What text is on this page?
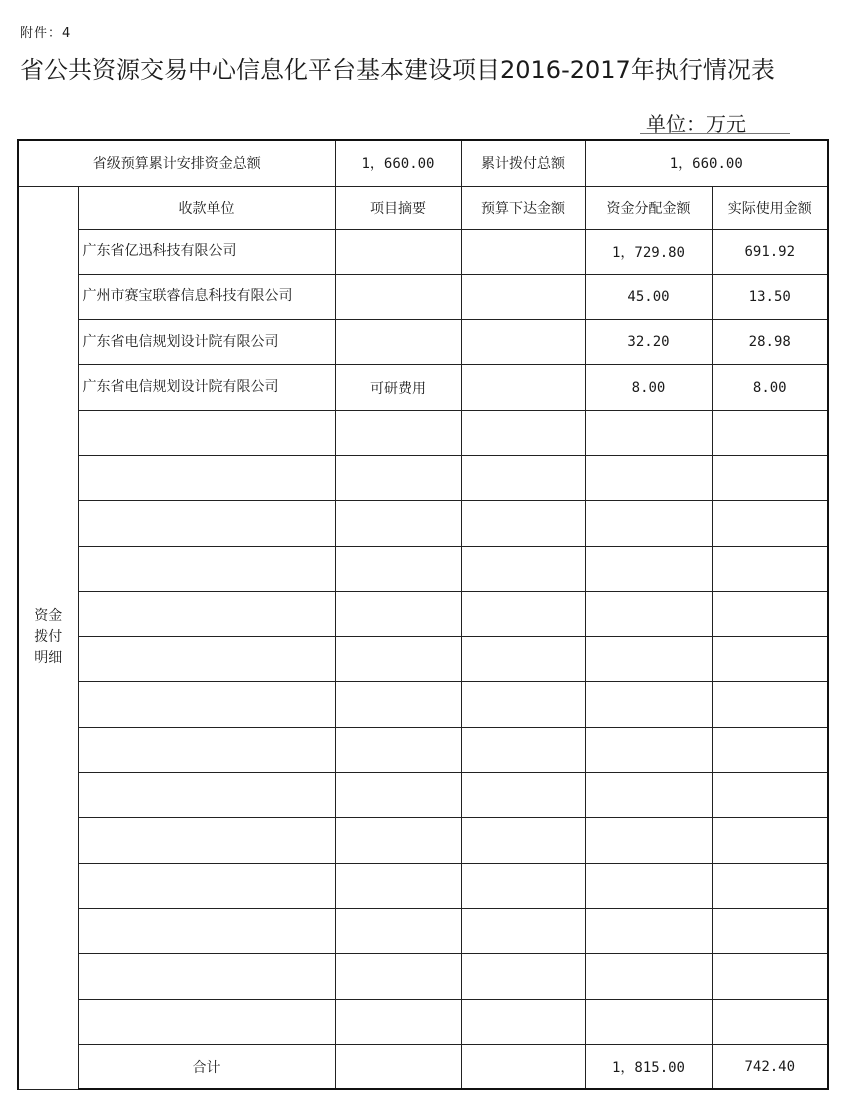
附件：4
省公共资源交易中心信息化平台基本建设项目2016-2017年执行情况表
单位：万元
省级预算累计安排资金总额		1，660.00	累计拨付总额	1，660.00	

资金
拨付
明细	收款单位	项目摘要	预算下达金额	资金分配金额	实际使用金额
	广东省亿迅科技有限公司			1，729.80	691.92
	广州市赛宝联睿信息科技有限公司			45.00	13.50
	广东省电信规划设计院有限公司			32.20	28.98
	广东省电信规划设计院有限公司	可研费用		8.00	8.00

	合计			1，815.00	742.40
